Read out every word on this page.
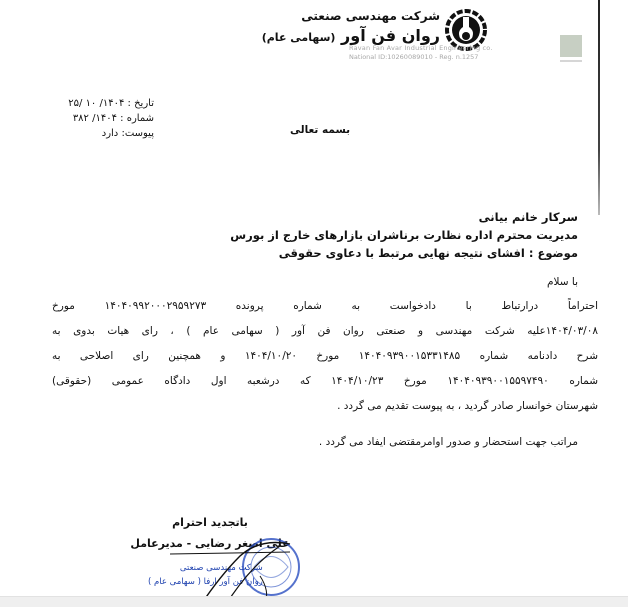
شرکت مهندسی صنعتی
روان فن آور (سهامی عام)
Ravan Fan Avar Industrial Engineering co.
National ID:10260089010 - Reg. n.1257
تاریخ : ۱۴۰۴/ ۱۰ /۲۵
شماره : ۱۴۰۴/ ۳۸۲
پیوست: دارد	بسمه تعالی
سرکار خانم بیانی
مدیریت محترم اداره نظارت برناشران بازارهای خارج از بورس
موضوع : افشای نتیجه نهایی مرتبط با دعاوی حقوقی
با سلام
احتراماً درارتباط با دادخواست به شماره پرونده ۱۴۰۴۰۹۹۲۰۰۰۲۹۵۹۲۷۳ مورخ
۱۴۰۴/۰۳/۰۸علیه شرکت مهندسی و صنعتی روان فن آور ( سهامی عام ) ، رای هیات بدوی به
شرح دادنامه شماره ۱۴۰۴۰۹۳۹۰۰۱۵۳۳۱۴۸۵ مورخ ۱۴۰۴/۱۰/۲۰ و همچنین رای اصلاحی به
شماره ۱۴۰۴۰۹۳۹۰۰۱۵۵۹۷۴۹۰ مورخ ۱۴۰۴/۱۰/۲۳ که درشعبه اول دادگاه عمومی (حقوقی)
شهرستان خوانسار صادر گردید ، به پیوست تقدیم می گردد .
مراتب جهت استحضار و صدور اوامرمقتضی ایفاد می گردد .
باتجدید احترام
علی اصغر رضایی - مدیرعامل
شرکت مهندسی صنعتی
روان فن آور ارفا ( سهامی عام )
